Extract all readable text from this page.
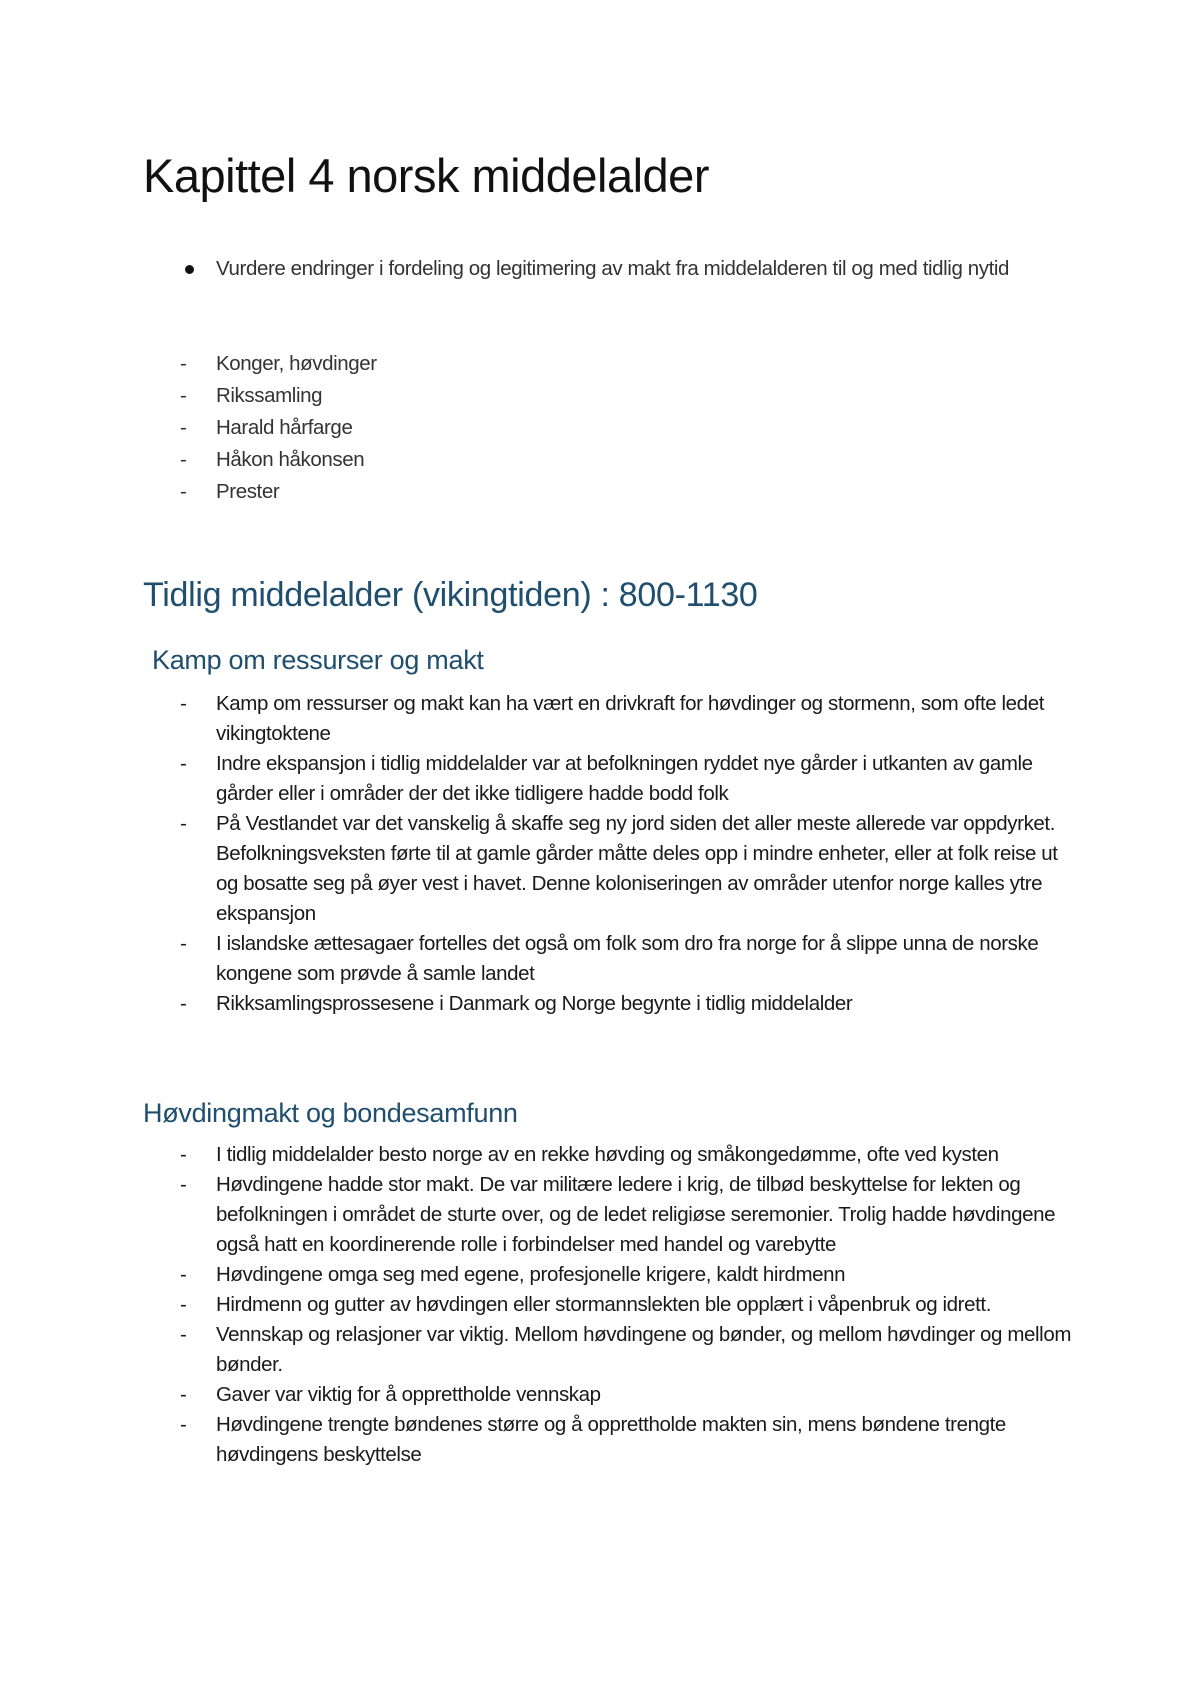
Kapittel 4 norsk middelalder
Vurdere endringer i fordeling og legitimering av makt fra middelalderen til og med tidlig nytid
- Konger, høvdinger
- Rikssamling
- Harald hårfarge
- Håkon håkonsen
- Prester
Tidlig middelalder (vikingtiden) : 800-1130
Kamp om ressurser og makt
- Kamp om ressurser og makt kan ha vært en drivkraft for høvdinger og stormenn, som ofte ledet vikingtoktene
- Indre ekspansjon i tidlig middelalder var at befolkningen ryddet nye gårder i utkanten av gamle gårder eller i områder der det ikke tidligere hadde bodd folk
- På Vestlandet var det vanskelig å skaffe seg ny jord siden det aller meste allerede var oppdyrket. Befolkningsveksten førte til at gamle gårder måtte deles opp i mindre enheter, eller at folk reise ut og bosatte seg på øyer vest i havet. Denne koloniseringen av områder utenfor norge kalles ytre ekspansjon
- I islandske ættesagaer fortelles det også om folk som dro fra norge for å slippe unna de norske kongene som prøvde å samle landet
- Rikksamlingsprossesene i Danmark og Norge begynte i tidlig middelalder
Høvdingmakt og bondesamfunn
- I tidlig middelalder besto norge av en rekke høvding og småkongedømme, ofte ved kysten
- Høvdingene hadde stor makt. De var militære ledere i krig, de tilbød beskyttelse for lekten og befolkningen i området de sturte over, og de ledet religiøse seremonier. Trolig hadde høvdingene også hatt en koordinerende rolle i forbindelser med handel og varebytte
- Høvdingene omga seg med egene, profesjonelle krigere, kaldt hirdmenn
- Hirdmenn og gutter av høvdingen eller stormannslekten ble opplært i våpenbruk og idrett.
- Vennskap og relasjoner var viktig. Mellom høvdingene og bønder, og mellom høvdinger og mellom bønder.
- Gaver var viktig for å opprettholde vennskap
- Høvdingene trengte bøndenes større og å opprettholde makten sin, mens bøndene trengte høvdingens beskyttelse
